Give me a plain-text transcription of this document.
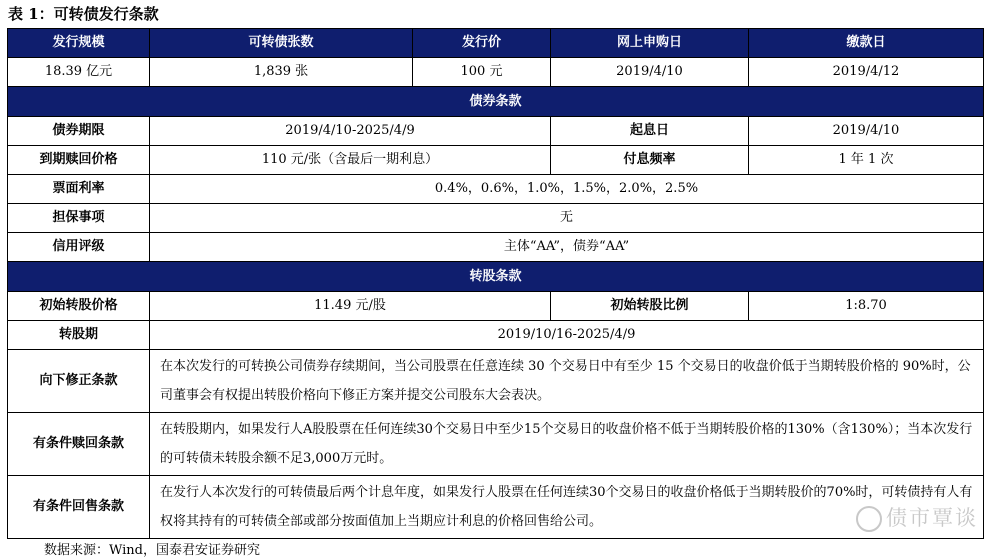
表 1：可转债发行条款
发行规模	可转债张数	发行价	网上申购日	缴款日
18.39 亿元	1,839 张	100 元	2019/4/10	2019/4/12
债券条款				
债券期限	2019/4/10-2025/4/9		起息日	2019/4/10
到期赎回价格	110 元/张（含最后一期利息）		付息频率	1 年 1 次
票面利率	0.4%，0.6%，1.0%，1.5%，2.0%，2.5%			
担保事项	无			
信用评级	主体“AA”，债券“AA”			
转股条款				
初始转股价格	11.49 元/股		初始转股比例	1:8.70
转股期	2019/10/16-2025/4/9			
向下修正条款	在本次发行的可转换公司债券存续期间，当公司股票在任意连续 30 个交易日中有至少 15 个交易日的收盘价低于当期转股价格的 90%时，公司董事会有权提出转股价格向下修正方案并提交公司股东大会表决。			
有条件赎回条款	在转股期内，如果发行人A股股票在任何连续30个交易日中至少15个交易日的收盘价格不低于当期转股价格的130%（含130%）；当本次发行的可转债未转股余额不足3,000万元时。			
有条件回售条款	在发行人本次发行的可转债最后两个计息年度，如果发行人股票在任何连续30个交易日的收盘价格低于当期转股价的70%时，可转债持有人有权将其持有的可转债全部或部分按面值加上当期应计利息的价格回售给公司。			
数据来源：Wind，国泰君安证券研究
债市覃谈
